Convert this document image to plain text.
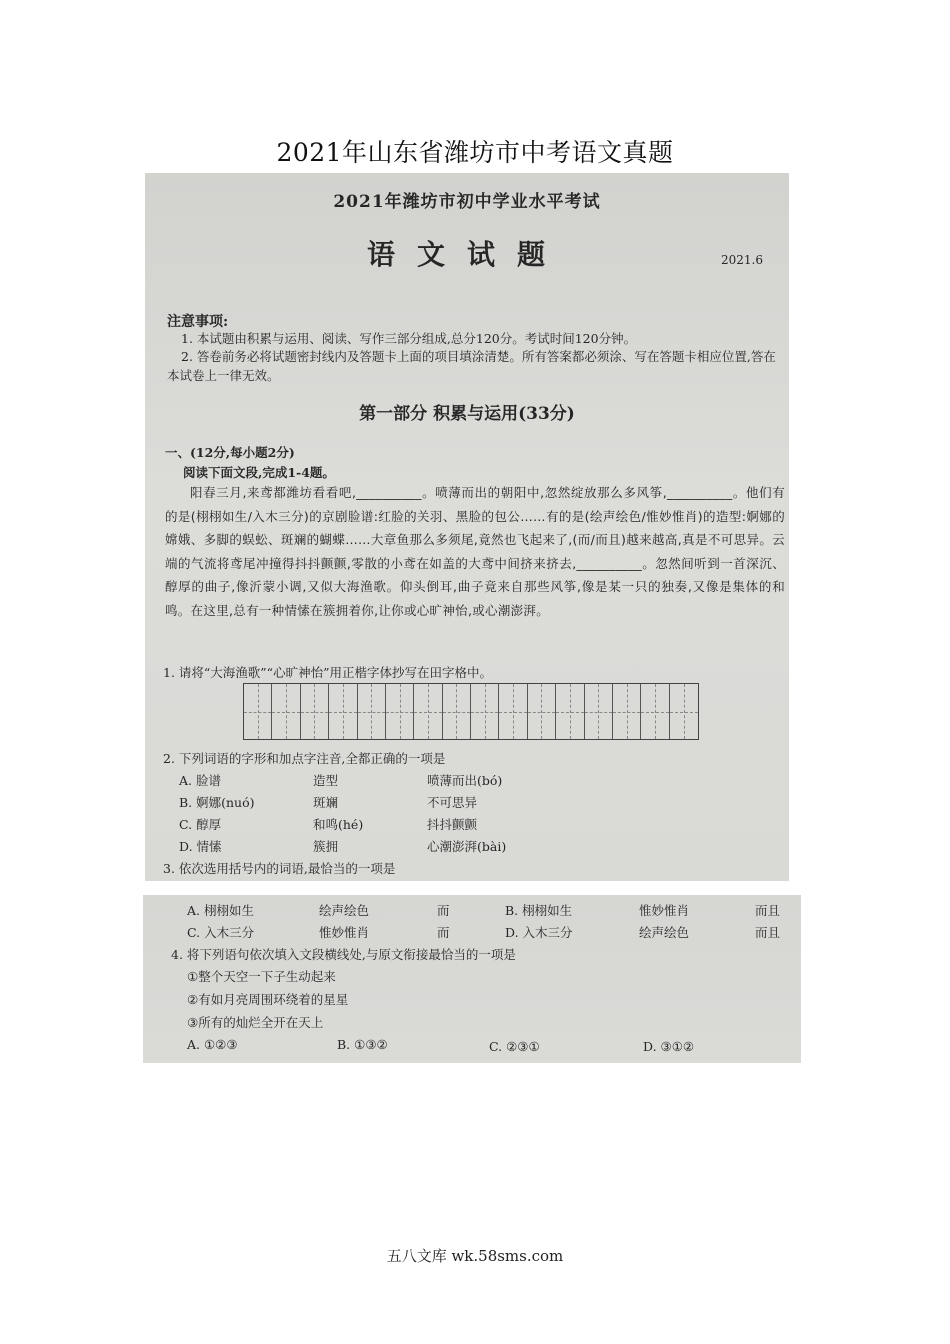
2021年山东省潍坊市中考语文真题
2021年潍坊市初中学业水平考试
语文试题	2021.6
注意事项:
1. 本试题由积累与运用、阅读、写作三部分组成,总分120分。考试时间120分钟。
2. 答卷前务必将试题密封线内及答题卡上面的项目填涂清楚。所有答案都必须涂、写在答题卡相应位置,答在本试卷上一律无效。
第一部分 积累与运用(33分)
一、(12分,每小题2分)
阅读下面文段,完成1-4题。
阳春三月,来鸢都潍坊看看吧,__________。喷薄而出的朝阳中,忽然绽放那么多风筝,__________。他们有的是(栩栩如生/入木三分)的京剧脸谱:红脸的关羽、黑脸的包公……有的是(绘声绘色/惟妙惟肖)的造型:婀娜的嫦娥、多脚的蜈蚣、斑斓的蝴蝶……大章鱼那么多须尾,竟然也飞起来了,(而/而且)越来越高,真是不可思异。云端的气流将鸢尾冲撞得抖抖颤颤,零散的小鸢在如盖的大鸢中间挤来挤去,__________。忽然间听到一首深沉、醇厚的曲子,像沂蒙小调,又似大海渔歌。仰头倒耳,曲子竟来自那些风筝,像是某一只的独奏,又像是集体的和鸣。在这里,总有一种情愫在簇拥着你,让你或心旷神怡,或心潮澎湃。
1. 请将“大海渔歌”“心旷神怡”用正楷字体抄写在田字格中。
2. 下列词语的字形和加点字注音,全都正确的一项是
A. 脸谱	造型	喷薄而出(bó)
B. 婀娜(nuó)	斑斓	不可思异
C. 醇厚	和鸣(hé)	抖抖颤颤
D. 情愫	簇拥	心潮澎湃(bài)
3. 依次选用括号内的词语,最恰当的一项是
A. 栩栩如生	绘声绘色	而	B. 栩栩如生	惟妙惟肖	而且
C. 入木三分	惟妙惟肖	而	D. 入木三分	绘声绘色	而且
4. 将下列语句依次填入文段横线处,与原文衔接最恰当的一项是
①整个天空一下子生动起来
②有如月亮周围环绕着的星星
③所有的灿烂全开在天上
A. ①②③	B. ①③②	C. ②③①	D. ③①②
五八文库 wk.58sms.com
